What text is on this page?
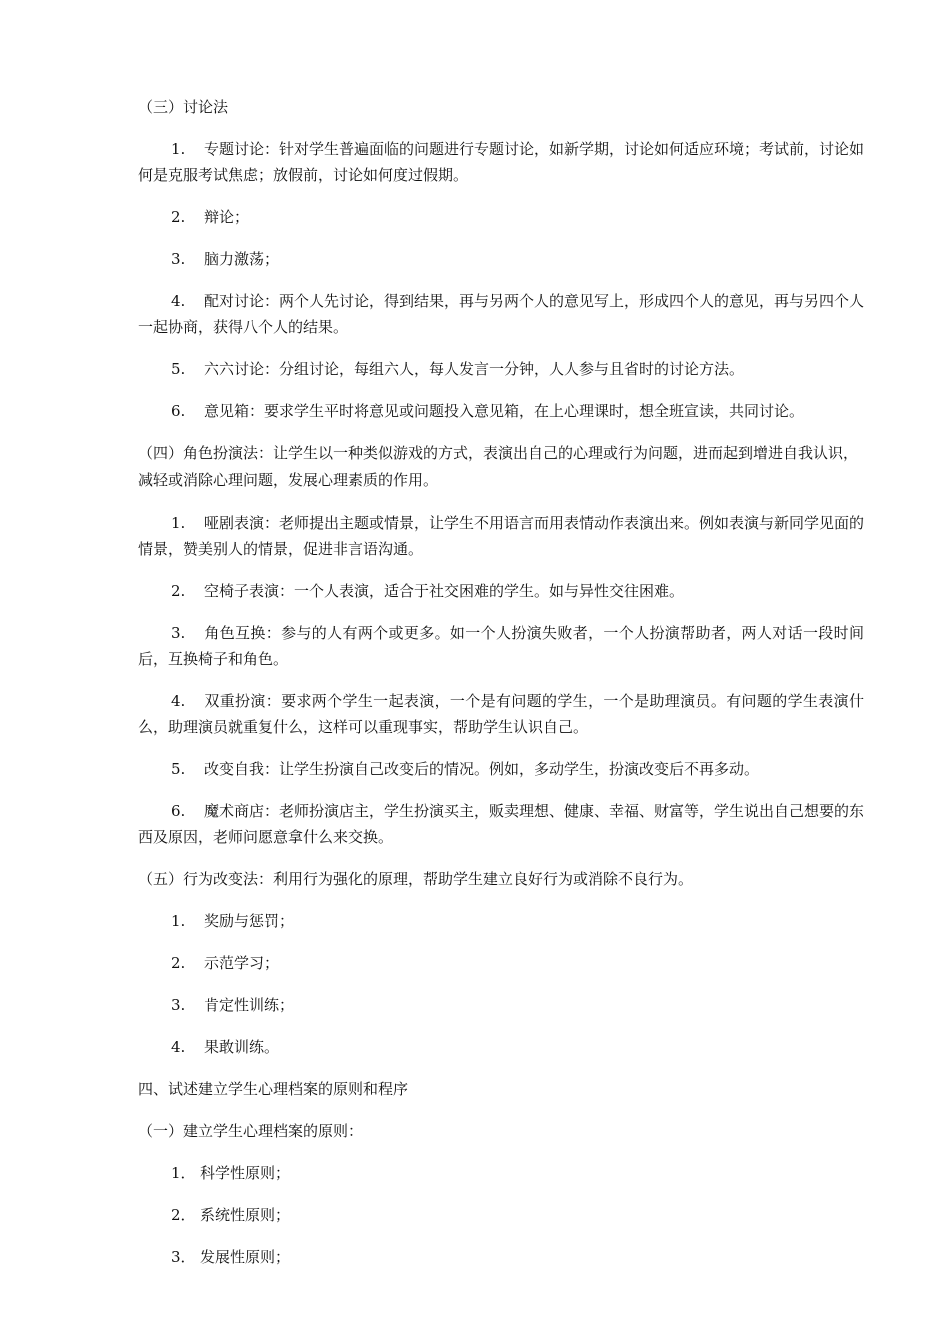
（三）讨论法
1. 专题讨论：针对学生普遍面临的问题进行专题讨论，如新学期，讨论如何适应环境；考试前，讨论如何是克服考试焦虑；放假前，讨论如何度过假期。
2. 辩论；
3. 脑力激荡；
4. 配对讨论：两个人先讨论，得到结果，再与另两个人的意见写上，形成四个人的意见，再与另四个人一起协商，获得八个人的结果。
5. 六六讨论：分组讨论，每组六人，每人发言一分钟，人人参与且省时的讨论方法。
6. 意见箱：要求学生平时将意见或问题投入意见箱，在上心理课时，想全班宣读，共同讨论。
（四）角色扮演法：让学生以一种类似游戏的方式，表演出自己的心理或行为问题，进而起到增进自我认识，减轻或消除心理问题，发展心理素质的作用。
1. 哑剧表演：老师提出主题或情景，让学生不用语言而用表情动作表演出来。例如表演与新同学见面的情景，赞美别人的情景，促进非言语沟通。
2. 空椅子表演：一个人表演，适合于社交困难的学生。如与异性交往困难。
3. 角色互换：参与的人有两个或更多。如一个人扮演失败者，一个人扮演帮助者，两人对话一段时间后，互换椅子和角色。
4. 双重扮演：要求两个学生一起表演，一个是有问题的学生，一个是助理演员。有问题的学生表演什么，助理演员就重复什么，这样可以重现事实，帮助学生认识自己。
5. 改变自我：让学生扮演自己改变后的情况。例如，多动学生，扮演改变后不再多动。
6. 魔术商店：老师扮演店主，学生扮演买主，贩卖理想、健康、幸福、财富等，学生说出自己想要的东西及原因，老师问愿意拿什么来交换。
（五）行为改变法：利用行为强化的原理，帮助学生建立良好行为或消除不良行为。
1. 奖励与惩罚；
2. 示范学习；
3. 肯定性训练；
4. 果敢训练。
四、试述建立学生心理档案的原则和程序
（一）建立学生心理档案的原则：
1． 科学性原则；
2． 系统性原则；
3． 发展性原则；
